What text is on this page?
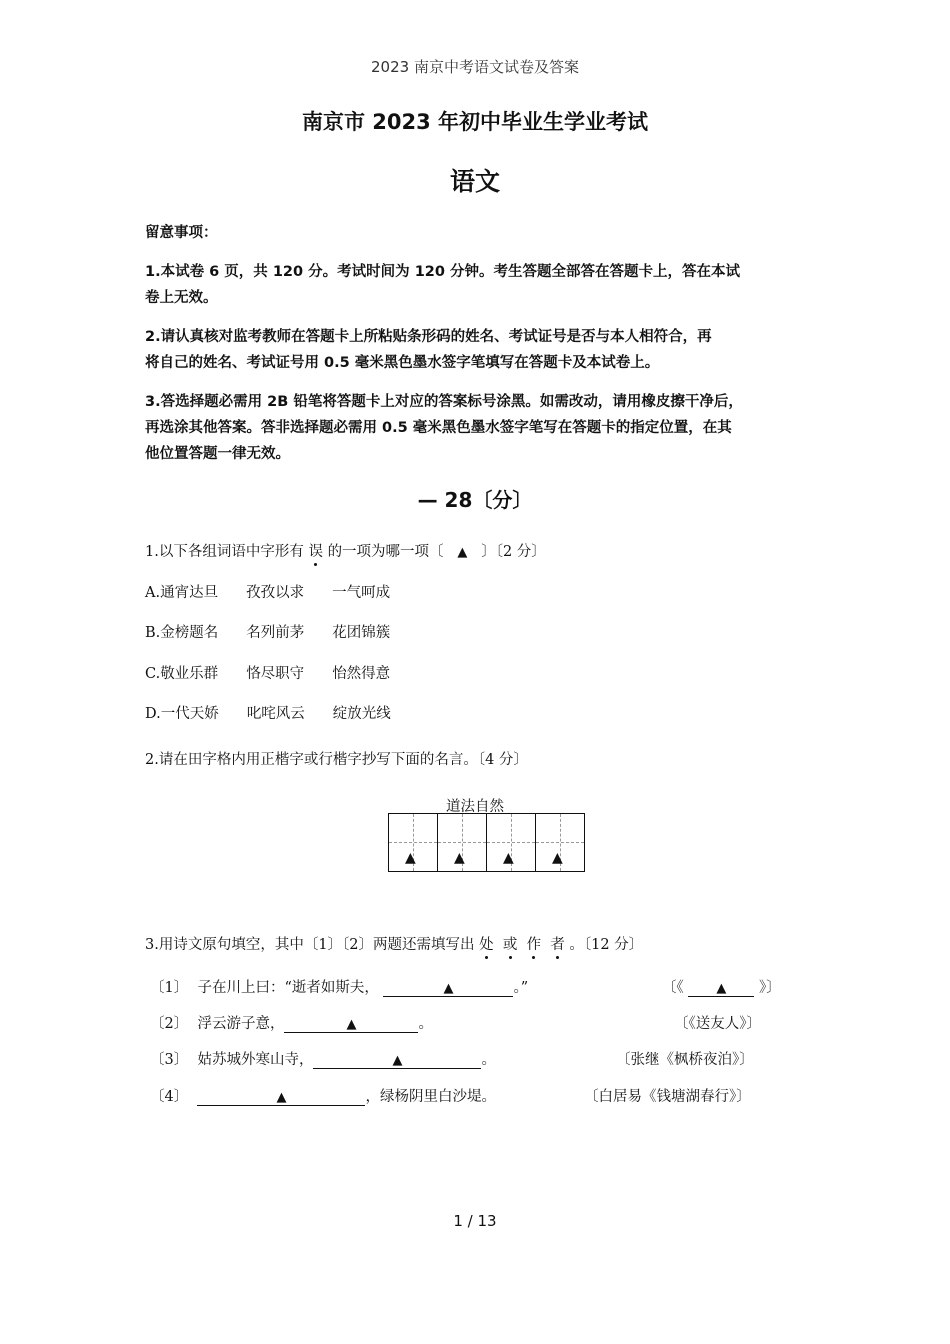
2023 南京中考语文试卷及答案
南京市 2023 年初中毕业生学业考试
语文
留意事项：
1.本试卷 6 页，共 120 分。考试时间为 120 分钟。考生答题全部答在答题卡上，答在本试
卷上无效。
2.请认真核对监考教师在答题卡上所粘贴条形码的姓名、考试证号是否与本人相符合，再
将自己的姓名、考试证号用 0.5 毫米黑色墨水签字笔填写在答题卡及本试卷上。
3.答选择题必需用 2B 铅笔将答题卡上对应的答案标号涂黑。如需改动，请用橡皮擦干净后，
再选涂其他答案。答非选择题必需用 0.5 毫米黑色墨水签字笔写在答题卡的指定位置，在其
他位置答题一律无效。
— 28〔分〕
1.以下各组词语中字形有 误 的一项为哪一项〔 ▲ 〕〔2 分〕
A.通宵达旦 孜孜以求 一气呵成
B.金榜题名 名列前茅 花团锦簇
C.敬业乐群 恪尽职守 怡然得意
D.一代天娇 叱咤风云 绽放光线
2.请在田字格内用正楷字或行楷字抄写下面的名言。〔4 分〕
道法自然
▲	▲	▲	▲
3.用诗文原句填空，其中〔1〕〔2〕两题还需填写出 处 或 作 者 。〔12 分〕
〔1〕 子在川上曰：“逝者如斯夫，	▲	。”	〔《	▲ 》〕
〔2〕 浮云游子意，	▲	。	〔《送友人》〕
〔3〕 姑苏城外寒山寺，	▲	。	〔张继《枫桥夜泊》〕
〔4〕	▲	，绿杨阴里白沙堤。	〔白居易《钱塘湖春行》〕
1 / 13
